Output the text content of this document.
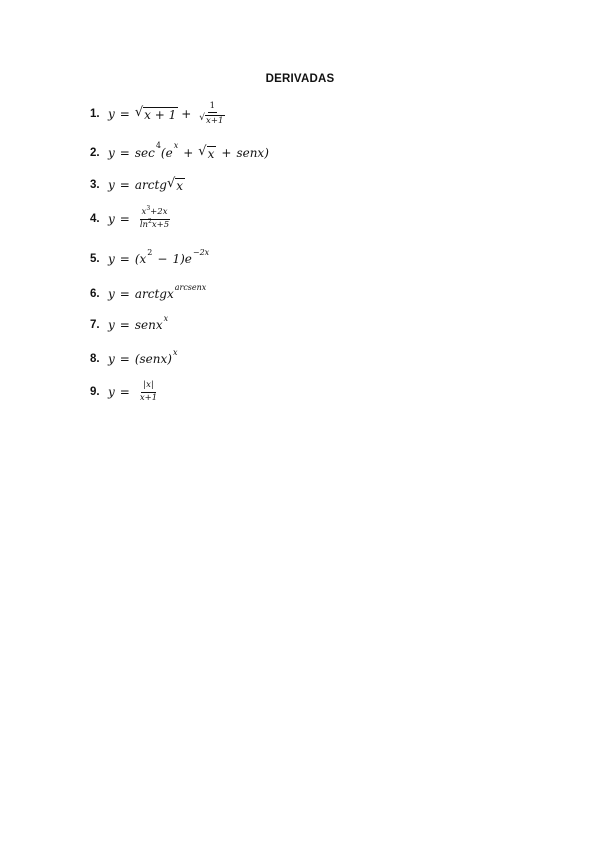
DERIVADAS
1. y = √ $x + 1 + \frac{1}{√ x+1}$
2. y = sec 4 (e x + √ x + senx)
3. y = arctg √ x
4. $y = \frac{x^3+2x}{\ln^2x+5}$
5. y = (x 2 − 1)e −2x
6. y = arctgx arcsenx
7. y = senx x
8. y = (senx) x
9. $y = \frac{|x|}{x+1}$
